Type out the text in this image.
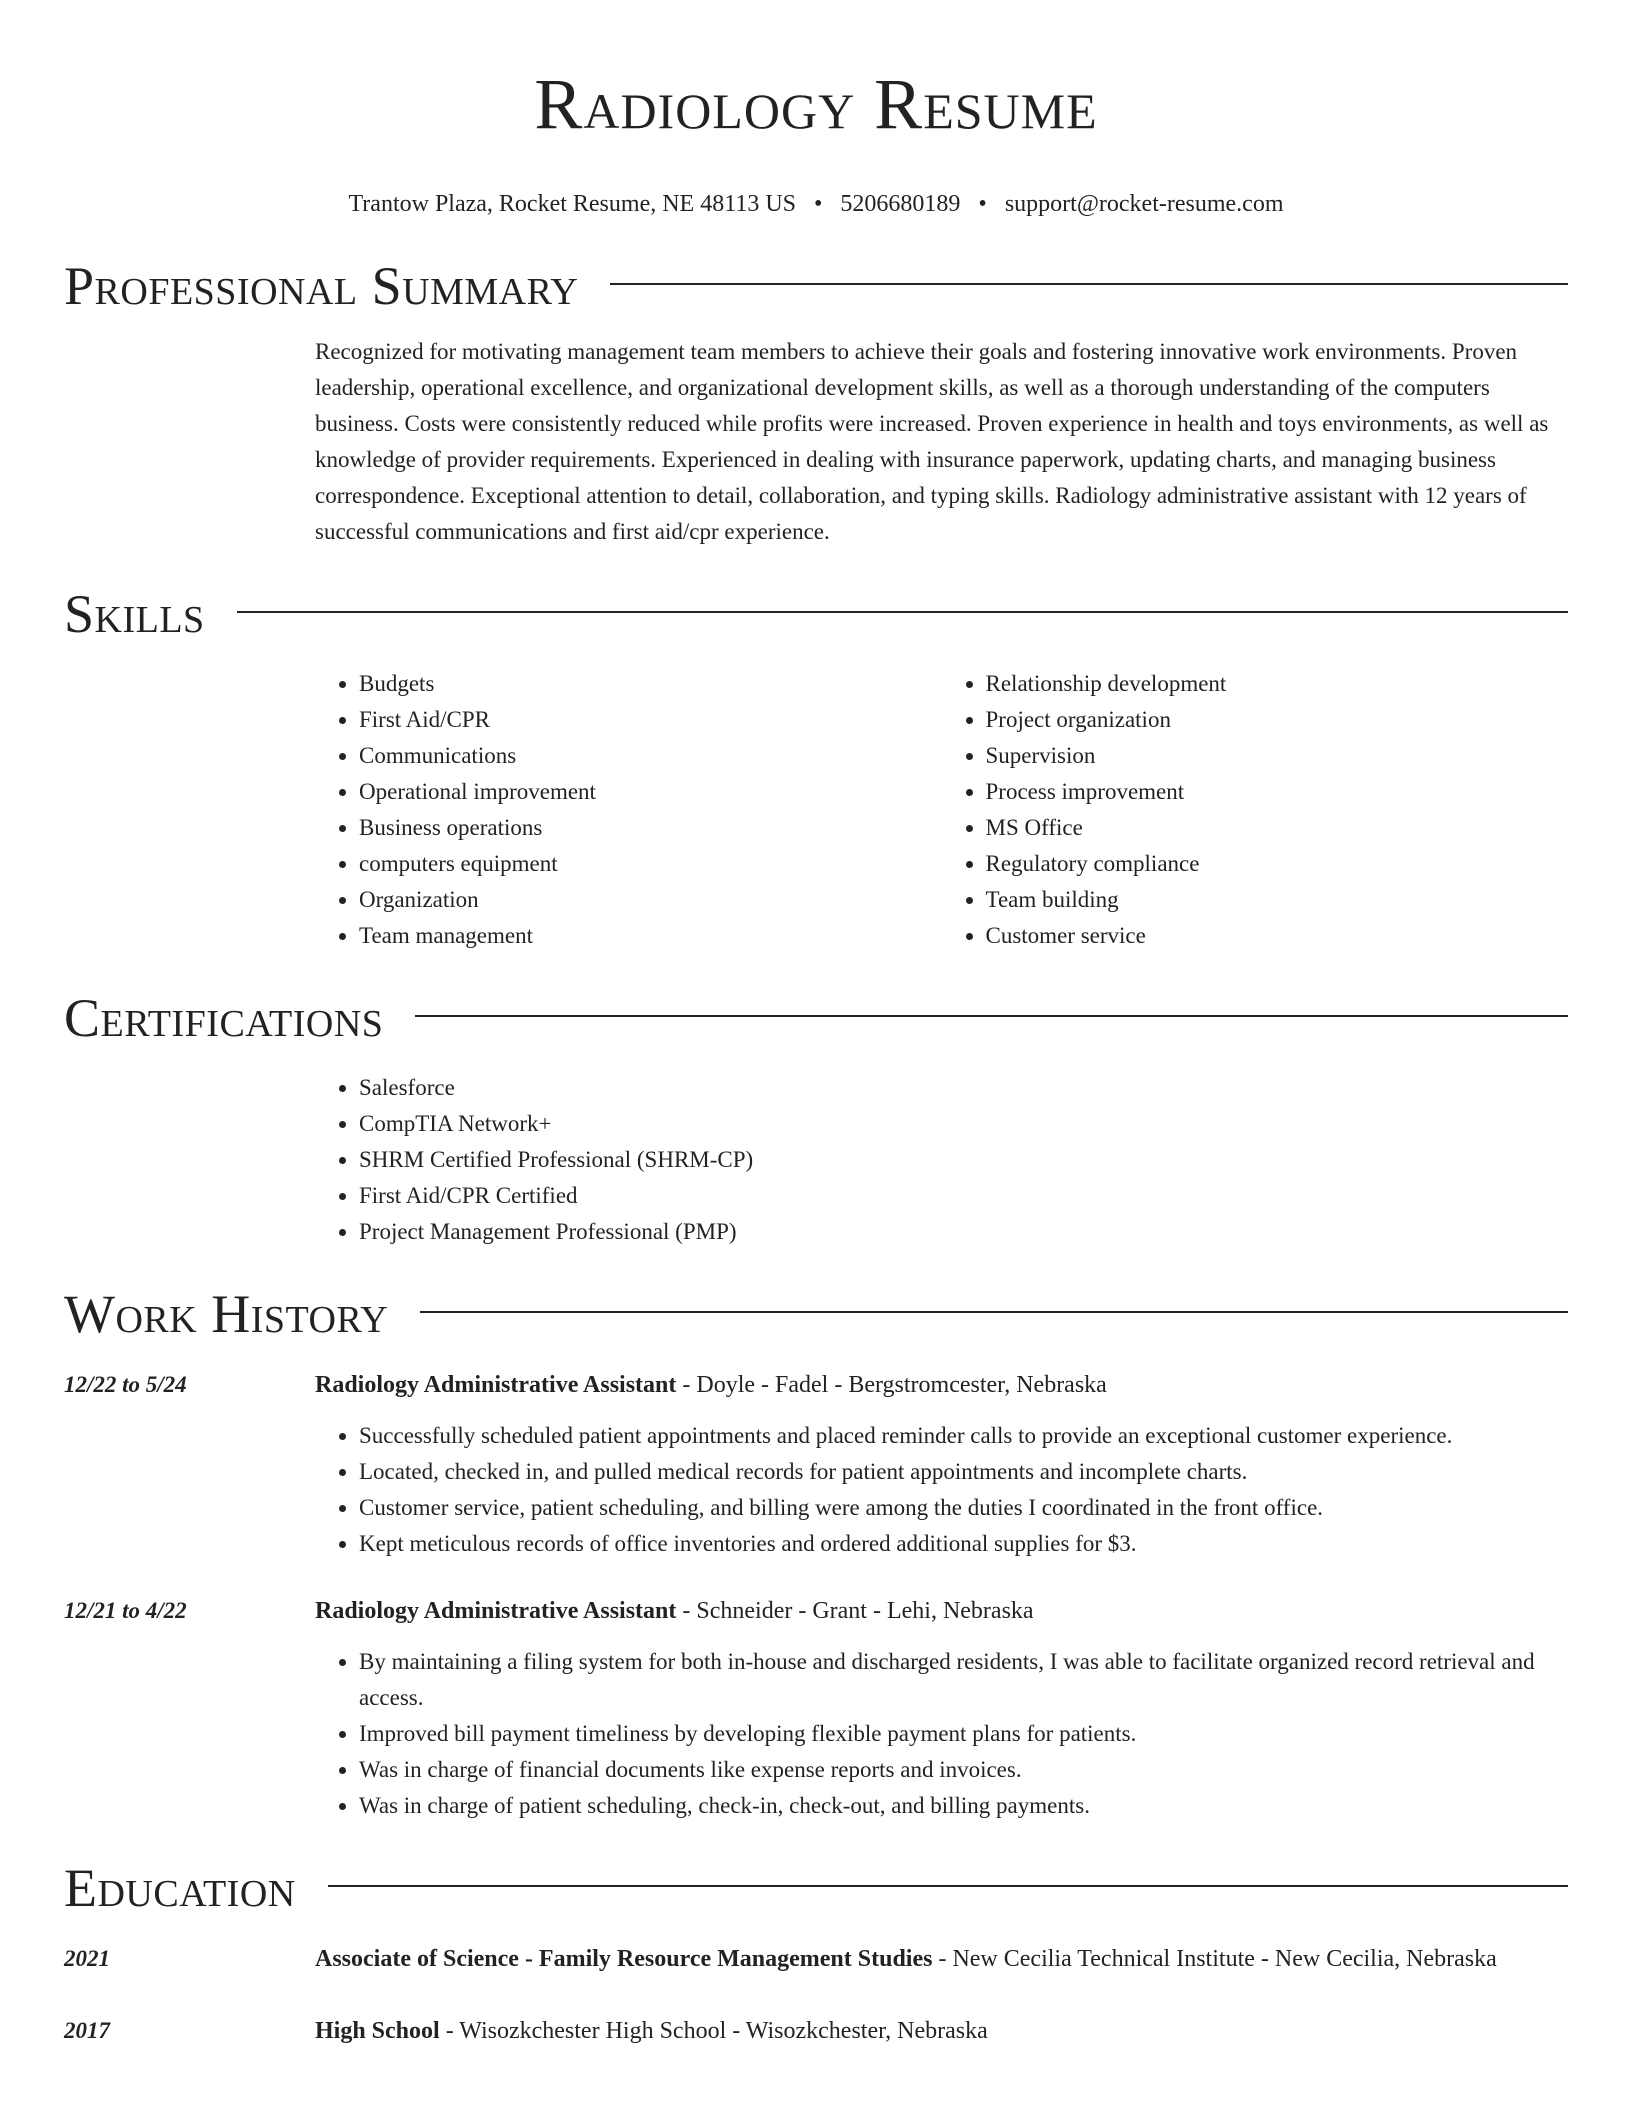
Radiology Resume
Trantow Plaza, Rocket Resume, NE 48113 US • 5206680189 • support@rocket-resume.com
Professional Summary
Recognized for motivating management team members to achieve their goals and fostering innovative work environments. Proven leadership, operational excellence, and organizational development skills, as well as a thorough understanding of the computers business. Costs were consistently reduced while profits were increased. Proven experience in health and toys environments, as well as knowledge of provider requirements. Experienced in dealing with insurance paperwork, updating charts, and managing business correspondence. Exceptional attention to detail, collaboration, and typing skills. Radiology administrative assistant with 12 years of successful communications and first aid/cpr experience.
Skills
• Budgets
• First Aid/CPR
• Communications
• Operational improvement
• Business operations
• computers equipment
• Organization
• Team management
• Relationship development
• Project organization
• Supervision
• Process improvement
• MS Office
• Regulatory compliance
• Team building
• Customer service
Certifications
• Salesforce
• CompTIA Network+
• SHRM Certified Professional (SHRM-CP)
• First Aid/CPR Certified
• Project Management Professional (PMP)
Work History
12/22 to 5/24	Radiology Administrative Assistant - Doyle - Fadel - Bergstromcester, Nebraska
• Successfully scheduled patient appointments and placed reminder calls to provide an exceptional customer experience.
• Located, checked in, and pulled medical records for patient appointments and incomplete charts.
• Customer service, patient scheduling, and billing were among the duties I coordinated in the front office.
• Kept meticulous records of office inventories and ordered additional supplies for $3.
12/21 to 4/22	Radiology Administrative Assistant - Schneider - Grant - Lehi, Nebraska
• By maintaining a filing system for both in-house and discharged residents, I was able to facilitate organized record retrieval and access.
• Improved bill payment timeliness by developing flexible payment plans for patients.
• Was in charge of financial documents like expense reports and invoices.
• Was in charge of patient scheduling, check-in, check-out, and billing payments.
Education
2021	Associate of Science - Family Resource Management Studies - New Cecilia Technical Institute - New Cecilia, Nebraska
2017	High School - Wisozkchester High School - Wisozkchester, Nebraska
